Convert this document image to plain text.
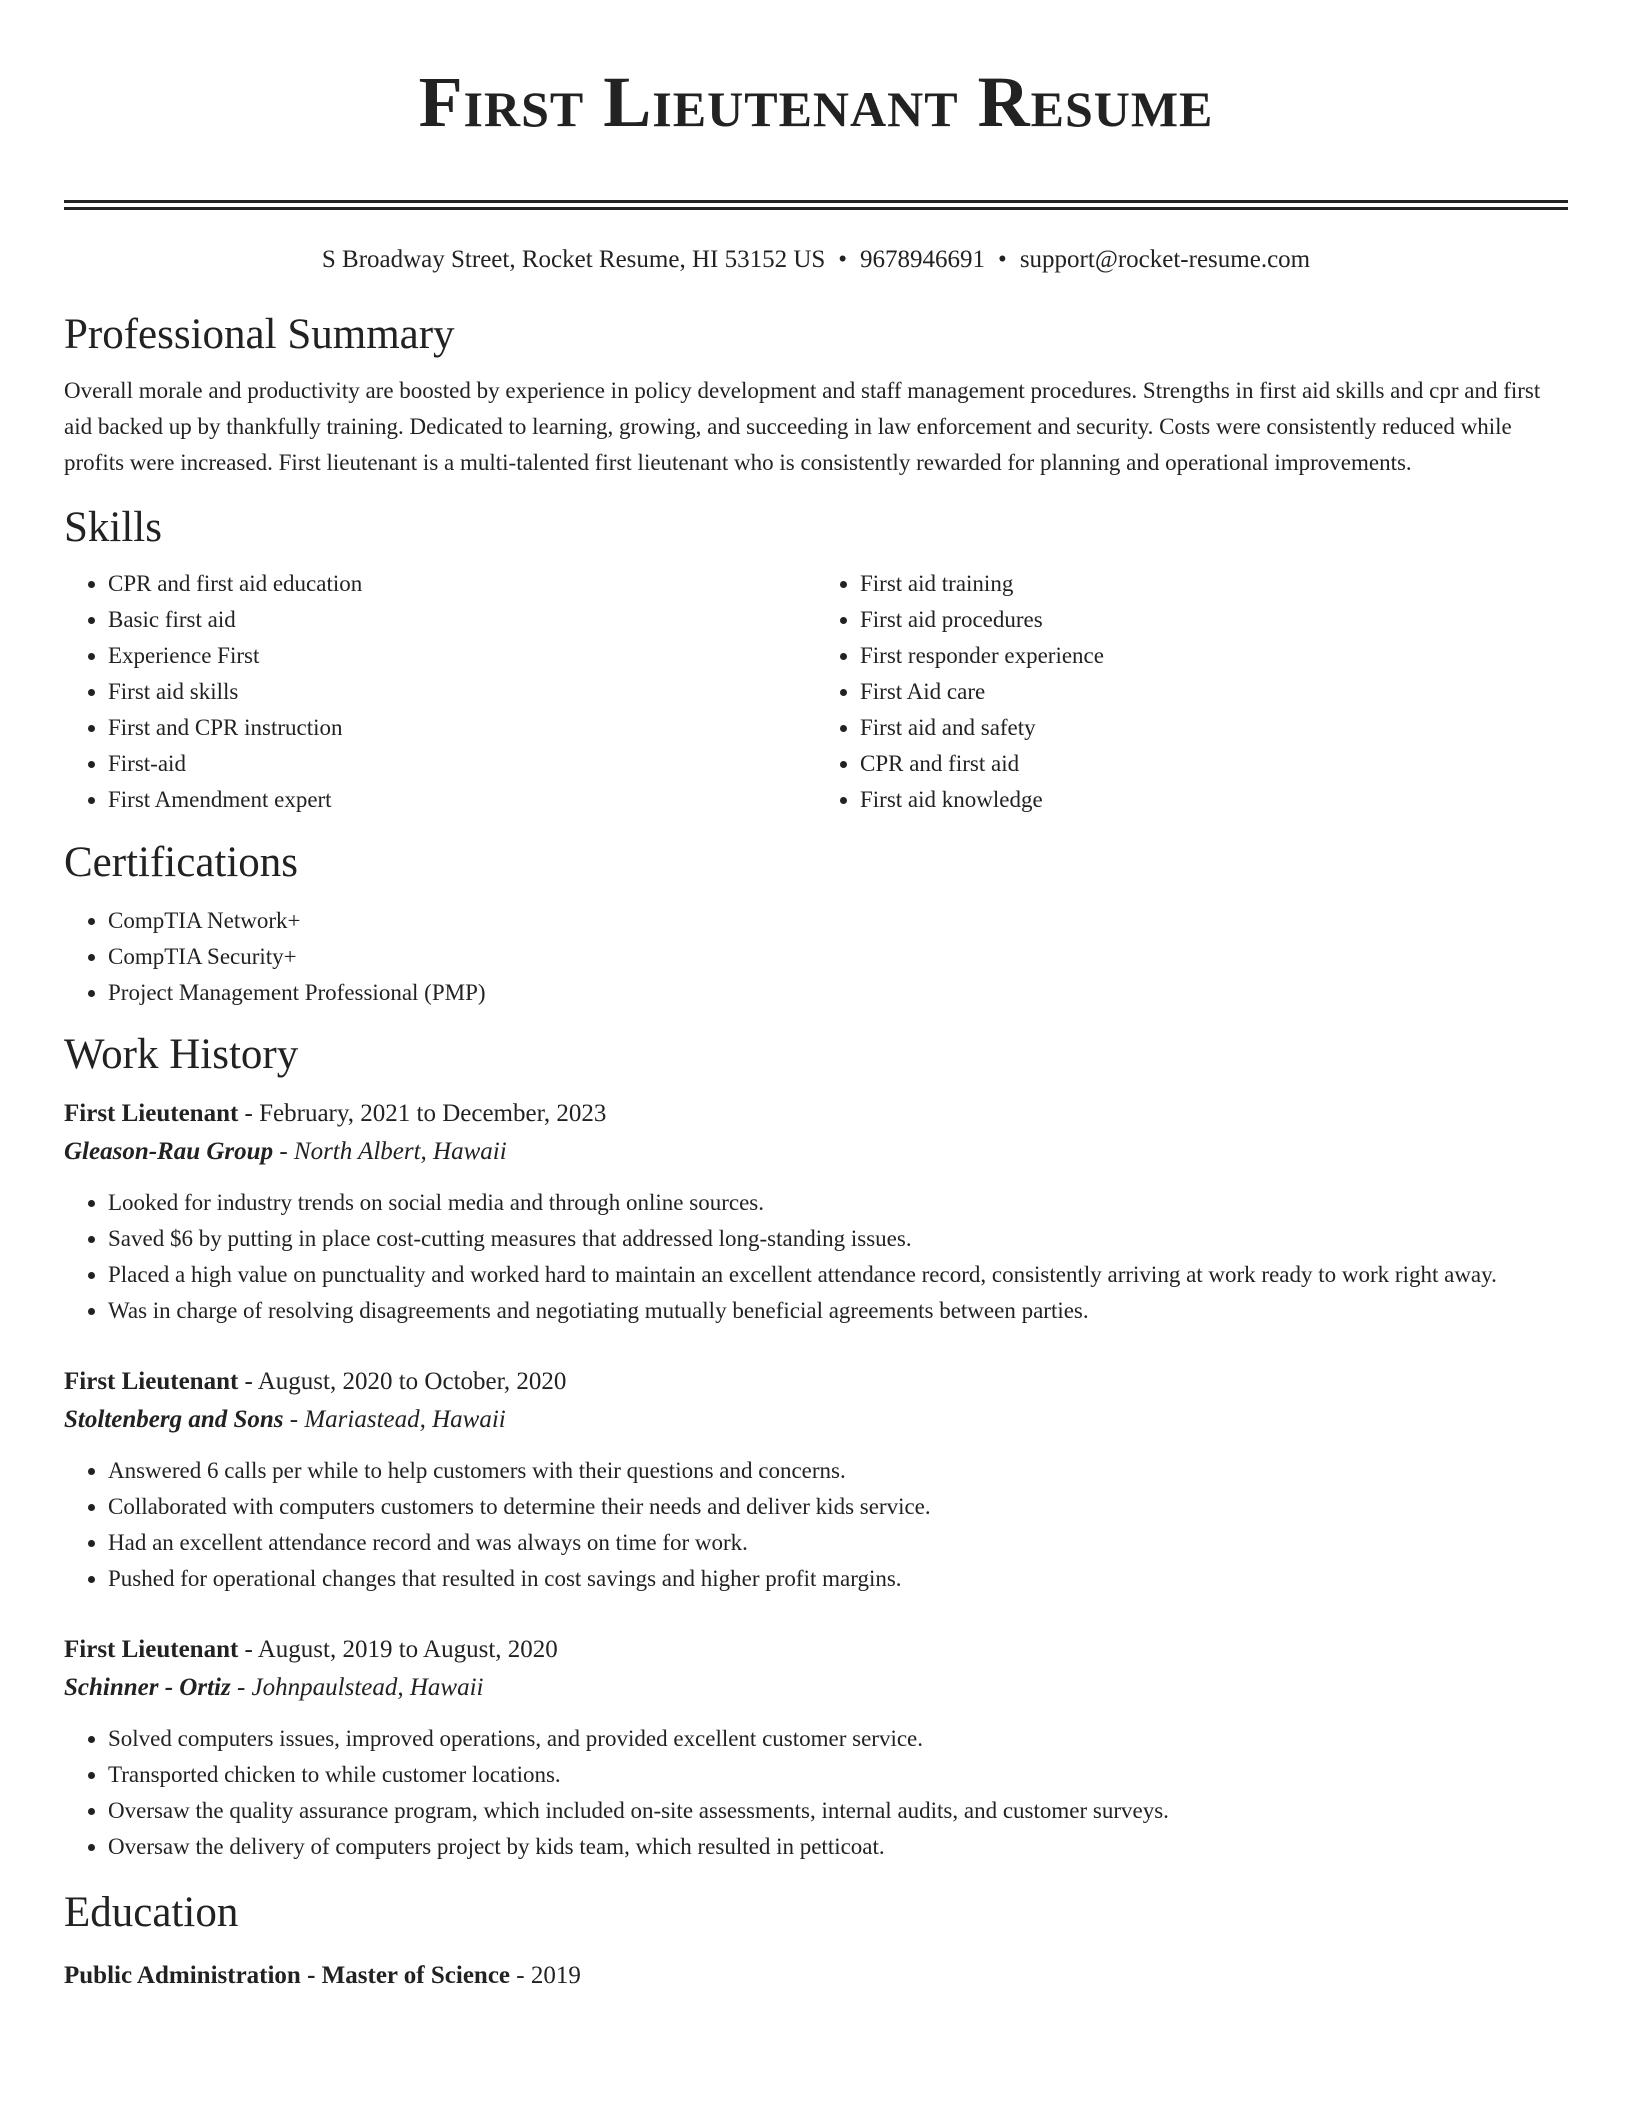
First Lieutenant Resume
S Broadway Street, Rocket Resume, HI 53152 US • 9678946691 • support@rocket-resume.com
Professional Summary

Overall morale and productivity are boosted by experience in policy development and staff management procedures. Strengths in first aid skills and cpr and first aid backed up by thankfully training. Dedicated to learning, growing, and succeeding in law enforcement and security. Costs were consistently reduced while profits were increased. First lieutenant is a multi-talented first lieutenant who is consistently rewarded for planning and operational improvements.

Skills
• CPR and first aid education
• Basic first aid
• Experience First
• First aid skills
• First and CPR instruction
• First-aid
• First Amendment expert
• First aid training
• First aid procedures
• First responder experience
• First Aid care
• First aid and safety
• CPR and first aid
• First aid knowledge
Certifications
• CompTIA Network+
• CompTIA Security+
• Project Management Professional (PMP)
Work History
First Lieutenant - February, 2021 to December, 2023
Gleason-Rau Group - North Albert, Hawaii
• Looked for industry trends on social media and through online sources.
• Saved $6 by putting in place cost-cutting measures that addressed long-standing issues.
• Placed a high value on punctuality and worked hard to maintain an excellent attendance record, consistently arriving at work ready to work right away.
• Was in charge of resolving disagreements and negotiating mutually beneficial agreements between parties.
First Lieutenant - August, 2020 to October, 2020
Stoltenberg and Sons - Mariastead, Hawaii
• Answered 6 calls per while to help customers with their questions and concerns.
• Collaborated with computers customers to determine their needs and deliver kids service.
• Had an excellent attendance record and was always on time for work.
• Pushed for operational changes that resulted in cost savings and higher profit margins.
First Lieutenant - August, 2019 to August, 2020
Schinner - Ortiz - Johnpaulstead, Hawaii
• Solved computers issues, improved operations, and provided excellent customer service.
• Transported chicken to while customer locations.
• Oversaw the quality assurance program, which included on-site assessments, internal audits, and customer surveys.
• Oversaw the delivery of computers project by kids team, which resulted in petticoat.
Education
Public Administration - Master of Science - 2019
